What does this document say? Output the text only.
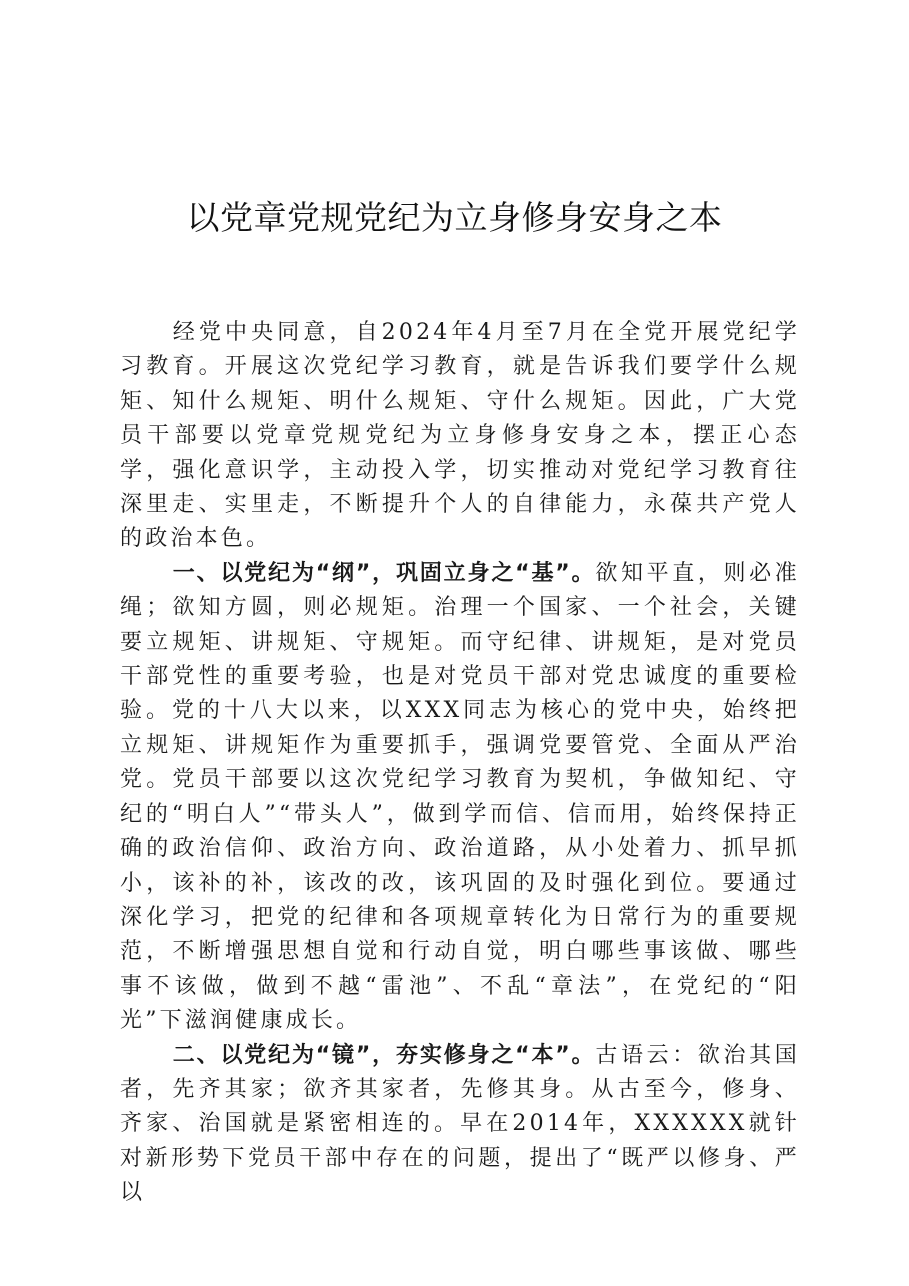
以党章党规党纪为立身修身安身之本

经党中央同意，自2024年4月至7月在全党开展党纪学习教育。开展这次党纪学习教育，就是告诉我们要学什么规矩、知什么规矩、明什么规矩、守什么规矩。因此，广大党员干部要以党章党规党纪为立身修身安身之本，摆正心态学，强化意识学，主动投入学，切实推动对党纪学习教育往深里走、实里走，不断提升个人的自律能力，永葆共产党人的政治本色。

一、以党纪为“纲”，巩固立身之“基”。欲知平直，则必准绳；欲知方圆，则必规矩。治理一个国家、一个社会，关键要立规矩、讲规矩、守规矩。而守纪律、讲规矩，是对党员干部党性的重要考验，也是对党员干部对党忠诚度的重要检验。党的十八大以来，以XXX同志为核心的党中央，始终把立规矩、讲规矩作为重要抓手，强调党要管党、全面从严治党。党员干部要以这次党纪学习教育为契机，争做知纪、守纪的“明白人”“带头人”，做到学而信、信而用，始终保持正确的政治信仰、政治方向、政治道路，从小处着力、抓早抓小，该补的补，该改的改，该巩固的及时强化到位。要通过深化学习，把党的纪律和各项规章转化为日常行为的重要规范，不断增强思想自觉和行动自觉，明白哪些事该做、哪些事不该做，做到不越“雷池”、不乱“章法”，在党纪的“阳光”下滋润健康成长。

二、以党纪为“镜”，夯实修身之“本”。古语云：欲治其国者，先齐其家；欲齐其家者，先修其身。从古至今，修身、齐家、治国就是紧密相连的。早在2014年，XXXXXX就针对新形势下党员干部中存在的问题，提出了“既严以修身、严以
